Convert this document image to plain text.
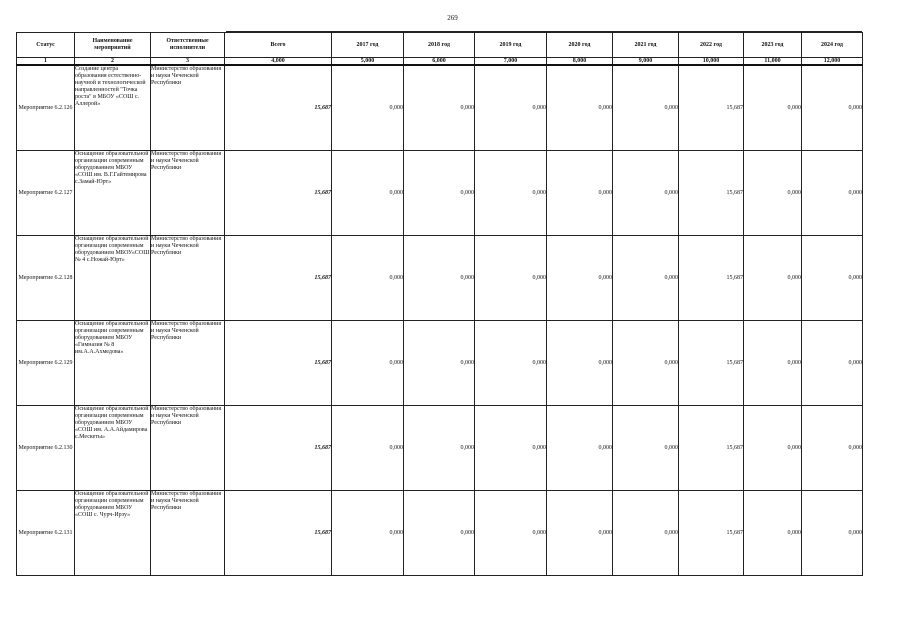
269
Статус	Наименование мероприятий	Ответственные исполнители	Всего	2017 год	2018 год	2019 год	2020 год	2021 год	2022 год	2023 год	2024 год
1	2	3	4,000	5,000	6,000	7,000	8,000	9,000	10,000	11,000	12,000
Мероприятие 6.2.126	Создание центра образования естественно-научной и технологической направленностей "Точка роста" в МБОУ «СОШ с. Аллерой»	Министерство образования и науки Чеченской Республики	15,687	0,000	0,000	0,000	0,000	0,000	15,687	0,000	0,000
Мероприятие 6.2.127	Оснащение образовательной организации современным оборудованием МБОУ «СОШ им. В.Г.Гайтемирова с.Замай-Юрт»	Министерство образования и науки Чеченской Республики	15,687	0,000	0,000	0,000	0,000	0,000	15,687	0,000	0,000
Мероприятие 6.2.128	Оснащение образовательной организации современным оборудованием МБОУ«СОШ № 4 с.Ножай-Юрт»	Министерство образования и науки Чеченской Республики	15,687	0,000	0,000	0,000	0,000	0,000	15,687	0,000	0,000
Мероприятие 6.2.129	Оснащение образовательной организации современным оборудованием МБОУ «Гимназия № 8 им.А.А.Ахмедова»	Министерство образования и науки Чеченской Республики	15,687	0,000	0,000	0,000	0,000	0,000	15,687	0,000	0,000
Мероприятие 6.2.130	Оснащение образовательной организации современным оборудованием МБОУ «СОШ им. А.А.Айдамирова с.Мескеты»	Министерство образования и науки Чеченской Республики	15,687	0,000	0,000	0,000	0,000	0,000	15,687	0,000	0,000
Мероприятие 6.2.131	Оснащение образовательной организации современным оборудованием МБОУ «СОШ с. Чурч-Ирзу»	Министерство образования и науки Чеченской Республики	15,687	0,000	0,000	0,000	0,000	0,000	15,687	0,000	0,000
